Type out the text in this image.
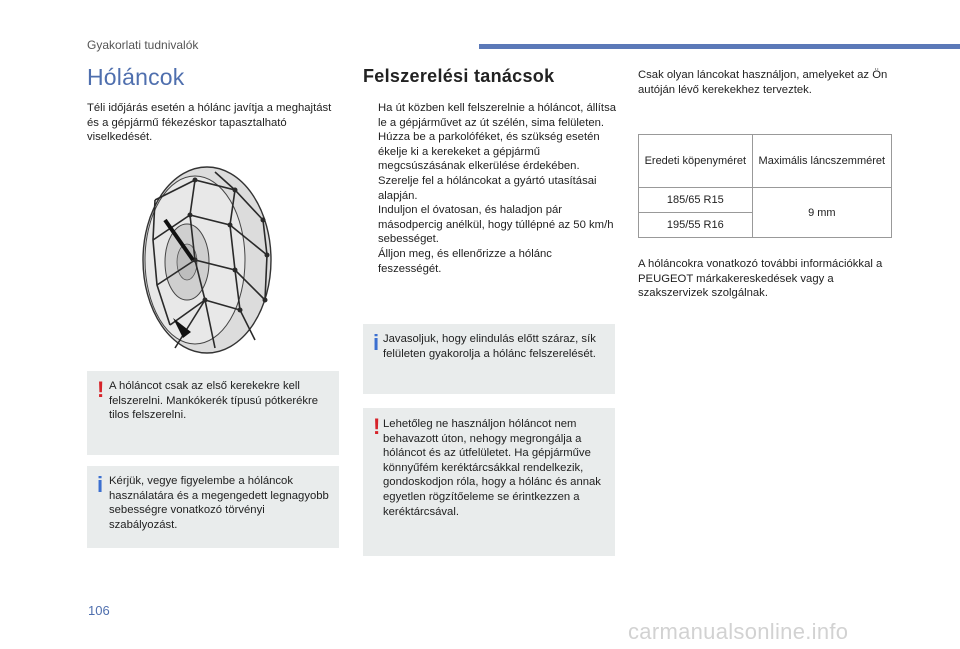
Gyakorlati tudnivalók
Hóláncok
Téli időjárás esetén a hólánc javítja a meghajtást és a gépjármű fékezéskor tapasztalható viselkedését.
! A hóláncot csak az első kerekekre kell felszerelni. Mankókerék típusú pótkerékre tilos felszerelni.
i Kérjük, vegye figyelembe a hóláncok használatára és a megengedett legnagyobb sebességre vonatkozó törvényi szabályozást.
Felszerelési tanácsok
Ha út közben kell felszerelnie a hóláncot, állítsa le a gépjárművet az út szélén, sima felületen.
Húzza be a parkolóféket, és szükség esetén ékelje ki a kerekeket a gépjármű megcsúszásának elkerülése érdekében.
Szerelje fel a hóláncokat a gyártó utasításai alapján.
Induljon el óvatosan, és haladjon pár másodpercig anélkül, hogy túllépné az 50 km/h sebességet.
Álljon meg, és ellenőrizze a hólánc feszességét.
i Javasoljuk, hogy elindulás előtt száraz, sík felületen gyakorolja a hólánc felszerelését.
! Lehetőleg ne használjon hóláncot nem behavazott úton, nehogy megrongálja a hóláncot és az útfelületet. Ha gépjárműve könnyűfém keréktárcsákkal rendelkezik, gondoskodjon róla, hogy a hólánc és annak egyetlen rögzítőeleme se érintkezzen a keréktárcsával.
Csak olyan láncokat használjon, amelyeket az Ön autóján lévő kerekekhez terveztek.
Eredeti köpenyméret	Maximális láncszemméret
185/65 R15	9 mm
195/55 R16	
A hóláncokra vonatkozó további információkkal a PEUGEOT márkakereskedések vagy a szakszervizek szolgálnak.
106
carmanualsonline.info
